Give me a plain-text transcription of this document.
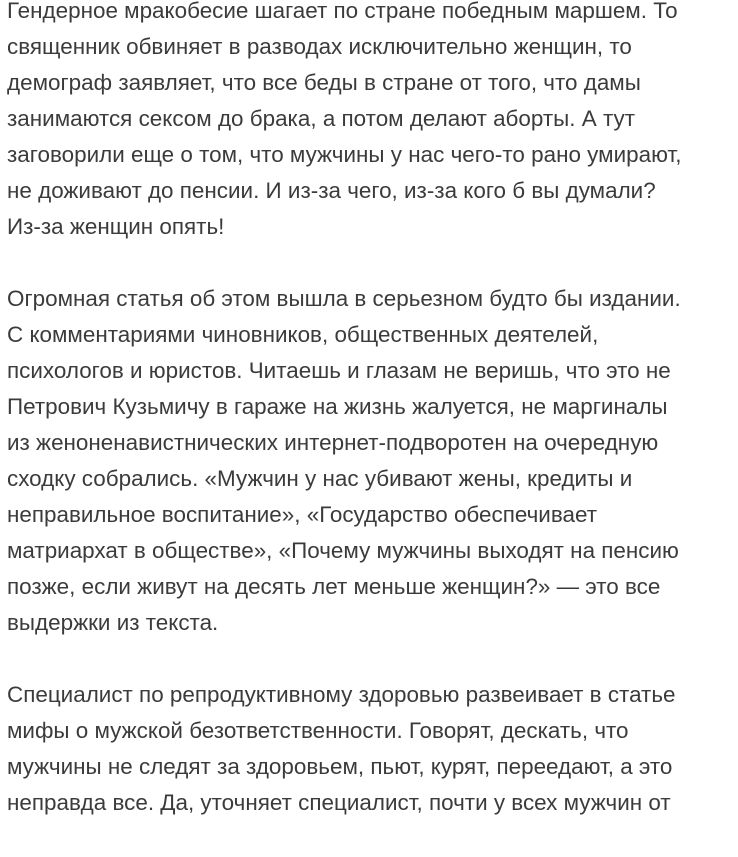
Гендерное мракобесие шагает по стране победным маршем. То
священник обвиняет в разводах исключительно женщин, то
демограф заявляет, что все беды в стране от того, что дамы
занимаются сексом до брака, а потом делают аборты. А тут
заговорили еще о том, что мужчины у нас чего-то рано умирают,
не доживают до пенсии. И из-за чего, из-за кого б вы думали?
Из-за женщин опять!

Огромная статья об этом вышла в серьезном будто бы издании.
С комментариями чиновников, общественных деятелей,
психологов и юристов. Читаешь и глазам не веришь, что это не
Петрович Кузьмичу в гараже на жизнь жалуется, не маргиналы
из женоненавистнических интернет-подворотен на очередную
сходку собрались. «Мужчин у нас убивают жены, кредиты и
неправильное воспитание», «Государство обеспечивает
матриархат в обществе», «Почему мужчины выходят на пенсию
позже, если живут на десять лет меньше женщин?» — это все
выдержки из текста.

Специалист по репродуктивному здоровью развеивает в статье
мифы о мужской безответственности. Говорят, дескать, что
мужчины не следят за здоровьем, пьют, курят, переедают, а это
неправда все. Да, уточняет специалист, почти у всех мужчин от
